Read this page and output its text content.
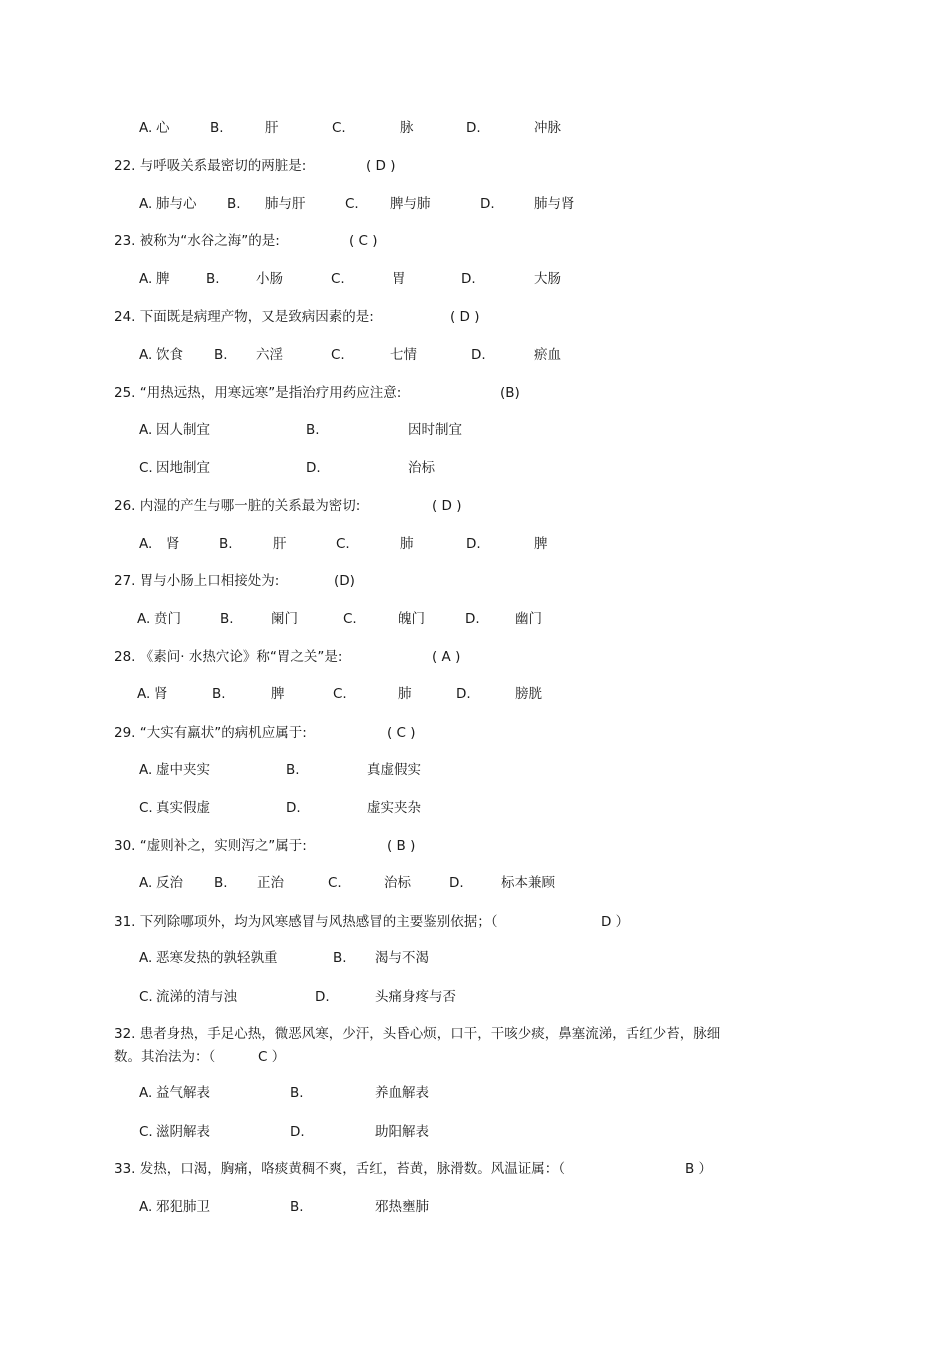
A. 心	B.	肝	C.	脉	D.	冲脉
22. 与呼吸关系最密切的两脏是:	( D )
A. 肺与心 B. 肺与肝	C. 脾与肺	D.	肺与肾
23. 被称为“水谷之海”的是:	( C )
A. 脾	B.	小肠	C.	胃	D.	大肠
24. 下面既是病理产物，又是致病因素的是:	( D )
A. 饮食 B. 六淫	C.	七情	D.	瘀血
25. “用热远热，用寒远寒”是指治疗用药应注意:	(B)
A. 因人制宜	B.	因时制宜
C. 因地制宜	D.	治标
26. 内湿的产生与哪一脏的关系最为密切:	( D )
A. 肾	B.	肝	C.	肺	D.	脾
27. 胃与小肠上口相接处为:	(D)
A. 贲门	B.	阑门	C.	魄门	D.	幽门
28. 《素问· 水热穴论》称“胃之关”是:	( A )
A. 肾	B.	脾	C.	肺	D.	膀胱
29. “大实有羸状”的病机应属于:	( C )
A. 虚中夹实	B.	真虚假实
C. 真实假虚	D.	虚实夹杂
30. “虚则补之，实则泻之”属于:	( B )
A. 反治 B. 正治	C.	治标	D.	标本兼顾
31. 下列除哪项外，均为风寒感冒与风热感冒的主要鉴别依据；（	D ）
A. 恶寒发热的孰轻孰重	B. 渴与不渴
C. 流涕的清与浊	D.	头痛身疼与否
32. 患者身热，手足心热，微恶风寒，少汗，头昏心烦，口干，干咳少痰，鼻塞流涕，舌红少苔，脉细
数。其治法为：（	C ）
A. 益气解表	B.	养血解表
C. 滋阴解表	D.	助阳解表
33. 发热，口渴，胸痛，咯痰黄稠不爽，舌红，苔黄，脉滑数。风温证属：（	B ）
A. 邪犯肺卫	B.	邪热壅肺
